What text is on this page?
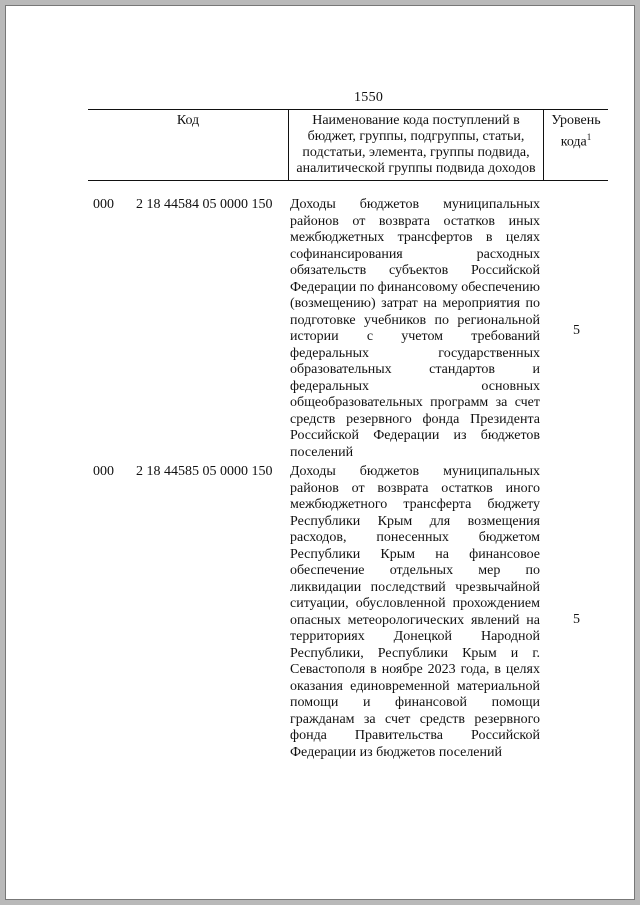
1550
Код	Наименование кода поступлений в бюджет, группы, подгруппы, статьи, подстатьи, элемента, группы подвида, аналитической группы подвида доходов
Уровень кода$^1$
000 2 18 44584 05 0000 150 Доходы бюджетов муниципальных районов от возврата остатков иных межбюджетных трансфертов в целях софинансирования расходных обязательств субъектов Российской Федерации по финансовому обеспечению (возмещению) затрат на мероприятия по подготовке учебников по региональной истории с учетом требований федеральных государственных образовательных стандартов и федеральных основных общеобразовательных программ за счет средств резервного фонда Президента Российской Федерации из бюджетов поселений
5
000 2 18 44585 05 0000 150 Доходы бюджетов муниципальных районов от возврата остатков иного межбюджетного трансферта бюджету Республики Крым для возмещения расходов, понесенных бюджетом Республики Крым на финансовое обеспечение отдельных мер по ликвидации последствий чрезвычайной ситуации, обусловленной прохождением опасных метеорологических явлений на территориях Донецкой Народной Республики, Республики Крым и г. Севастополя в ноябре 2023 года, в целях оказания единовременной материальной помощи и финансовой помощи гражданам за счет средств резервного фонда Правительства Российской Федерации из бюджетов поселений
5
